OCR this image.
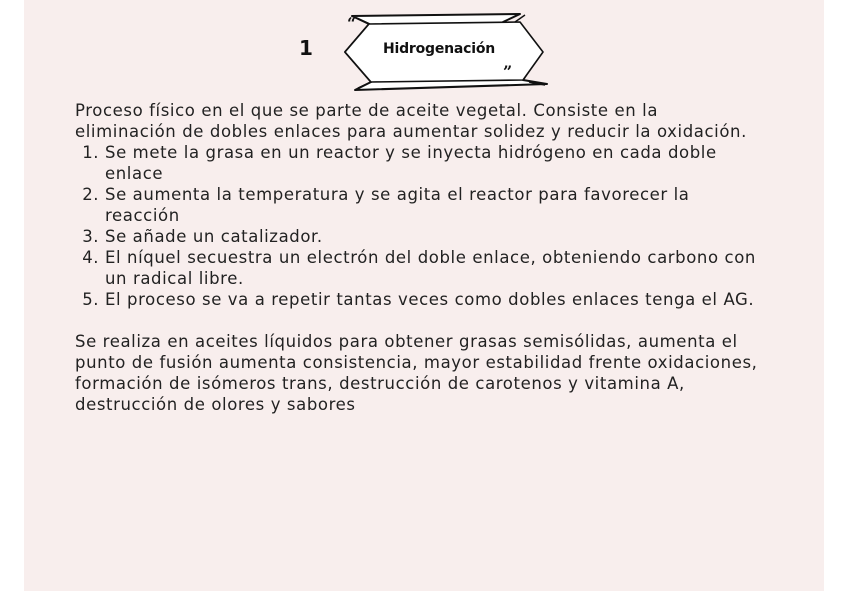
1
“
Hidrogenación
”

Proceso físico en el que se parte de aceite vegetal. Consiste en la eliminación de dobles enlaces para aumentar solidez y reducir la oxidación.

1. Se mete la grasa en un reactor y se inyecta hidrógeno en cada doble enlace
2. Se aumenta la temperatura y se agita el reactor para favorecer la reacción
3. Se añade un catalizador.
4. El níquel secuestra un electrón del doble enlace, obteniendo carbono con un radical libre.
5. El proceso se va a repetir tantas veces como dobles enlaces tenga el AG.

Se realiza en aceites líquidos para obtener grasas semisólidas, aumenta el punto de fusión aumenta consistencia, mayor estabilidad frente oxidaciones, formación de isómeros trans, destrucción de carotenos y vitamina A, destrucción de olores y sabores
